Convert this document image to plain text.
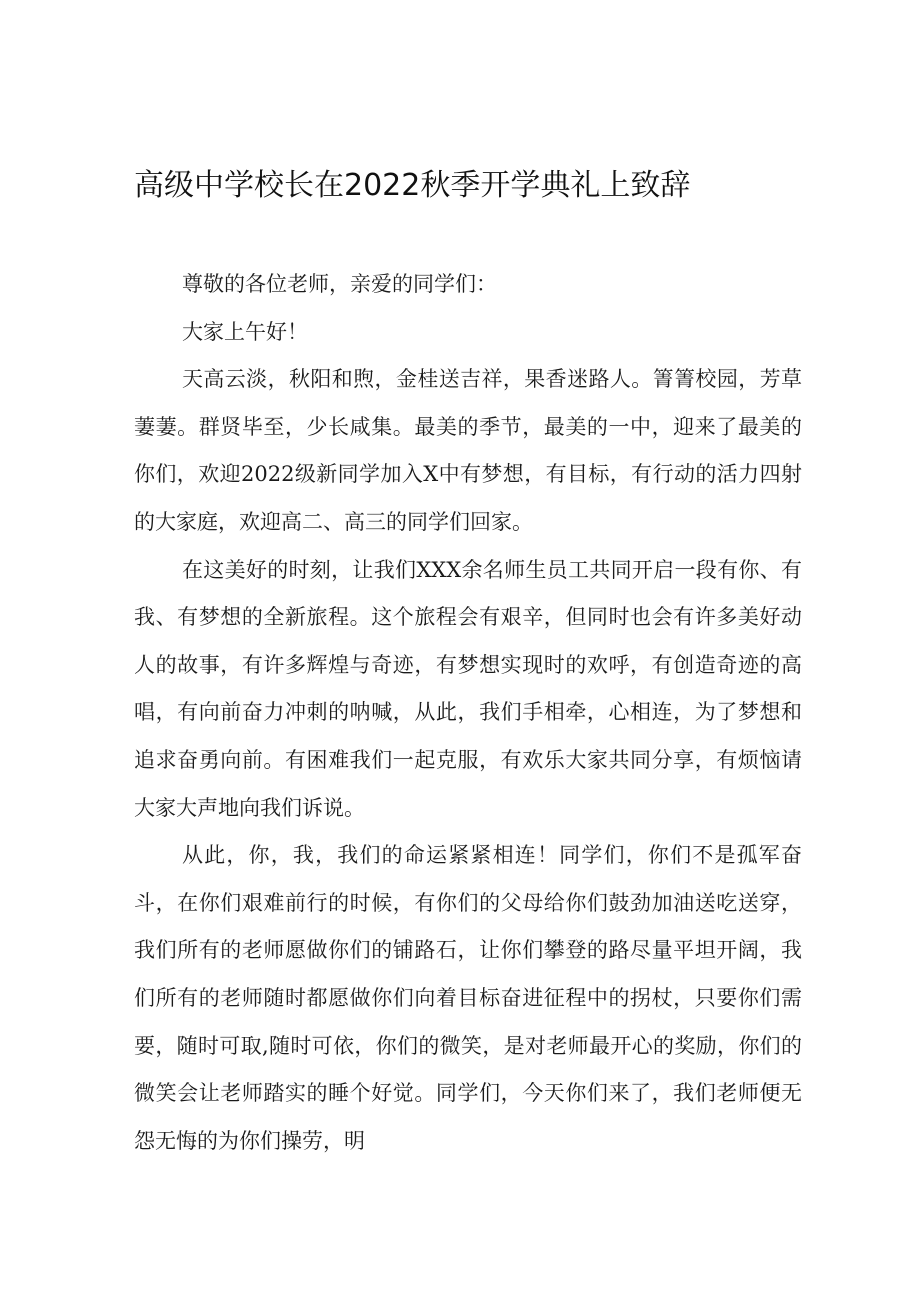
高级中学校长在2022秋季开学典礼上致辞

尊敬的各位老师，亲爱的同学们：

大家上午好！

天高云淡，秋阳和煦，金桂送吉祥，果香迷路人。箐箐校园，芳草萋萋。群贤毕至，少长咸集。最美的季节，最美的一中，迎来了最美的你们，欢迎2022级新同学加入X中有梦想，有目标，有行动的活力四射的大家庭，欢迎高二、高三的同学们回家。

在这美好的时刻，让我们XXX余名师生员工共同开启一段有你、有我、有梦想的全新旅程。这个旅程会有艰辛，但同时也会有许多美好动人的故事，有许多辉煌与奇迹，有梦想实现时的欢呼，有创造奇迹的高唱，有向前奋力冲刺的呐喊，从此，我们手相牵，心相连，为了梦想和追求奋勇向前。有困难我们一起克服，有欢乐大家共同分享，有烦恼请大家大声地向我们诉说。

从此，你，我，我们的命运紧紧相连！同学们，你们不是孤军奋斗，在你们艰难前行的时候，有你们的父母给你们鼓劲加油送吃送穿，我们所有的老师愿做你们的铺路石，让你们攀登的路尽量平坦开阔，我们所有的老师随时都愿做你们向着目标奋进征程中的拐杖，只要你们需要，随时可取,随时可依，你们的微笑，是对老师最开心的奖励，你们的微笑会让老师踏实的睡个好觉。同学们，今天你们来了，我们老师便无怨无悔的为你们操劳，明
